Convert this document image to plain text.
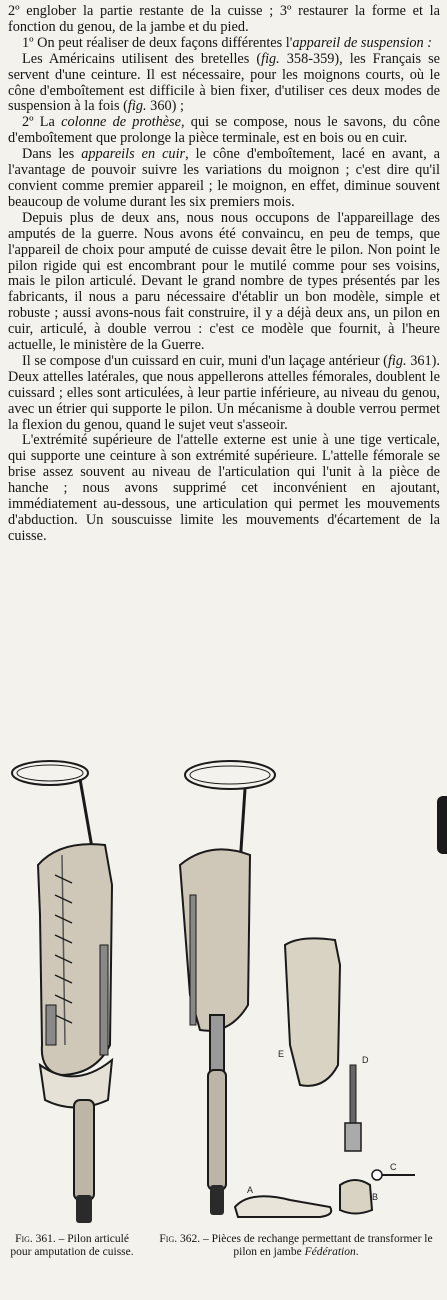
2º englober la partie restante de la cuisse ; 3º restaurer la forme et la fonction du genou, de la jambe et du pied.

1º On peut réaliser de deux façons différentes l'appareil de suspension :

Les Américains utilisent des bretelles (fig. 358-359), les Français se servent d'une ceinture. Il est nécessaire, pour les moignons courts, où le cône d'emboîtement est difficile à bien fixer, d'utiliser ces deux modes de suspension à la fois (fig. 360) ;

2º La colonne de prothèse, qui se compose, nous le savons, du cône d'emboîtement que prolonge la pièce terminale, est en bois ou en cuir.

Dans les appareils en cuir, le cône d'emboîtement, lacé en avant, a l'avantage de pouvoir suivre les variations du moignon ; c'est dire qu'il convient comme premier appareil ; le moignon, en effet, diminue souvent beaucoup de volume durant les six premiers mois.

Depuis plus de deux ans, nous nous occupons de l'appareillage des amputés de la guerre. Nous avons été convaincu, en peu de temps, que l'appareil de choix pour amputé de cuisse devait être le pilon. Non point le pilon rigide qui est encombrant pour le mutilé comme pour ses voisins, mais le pilon articulé. Devant le grand nombre de types présentés par les fabricants, il nous a paru nécessaire d'établir un bon modèle, simple et robuste ; aussi avons-nous fait construire, il y a déjà deux ans, un pilon en cuir, articulé, à double verrou : c'est ce modèle que fournit, à l'heure actuelle, le ministère de la Guerre.

Il se compose d'un cuissard en cuir, muni d'un laçage antérieur (fig. 361). Deux attelles latérales, que nous appellerons attelles fémorales, doublent le cuissard ; elles sont articulées, à leur partie inférieure, au niveau du genou, avec un étrier qui supporte le pilon. Un mécanisme à double verrou permet la flexion du genou, quand le sujet veut s'asseoir.

L'extrémité supérieure de l'attelle externe est unie à une tige verticale, qui supporte une ceinture à son extrémité supérieure. L'attelle fémorale se brise assez souvent au niveau de l'articulation qui l'unit à la pièce de hanche ; nous avons supprimé cet inconvénient en ajoutant, immédiatement au-dessous, une articulation qui permet les mouvements d'abduction. Un souscuisse limite les mouvements d'écartement de la cuisse.

E
D
C
B
A
Fig. 361. – Pilon articulé pour amputation de cuisse.
Fig. 362. – Pièces de rechange permettant de transformer le pilon en jambe Fédération.
